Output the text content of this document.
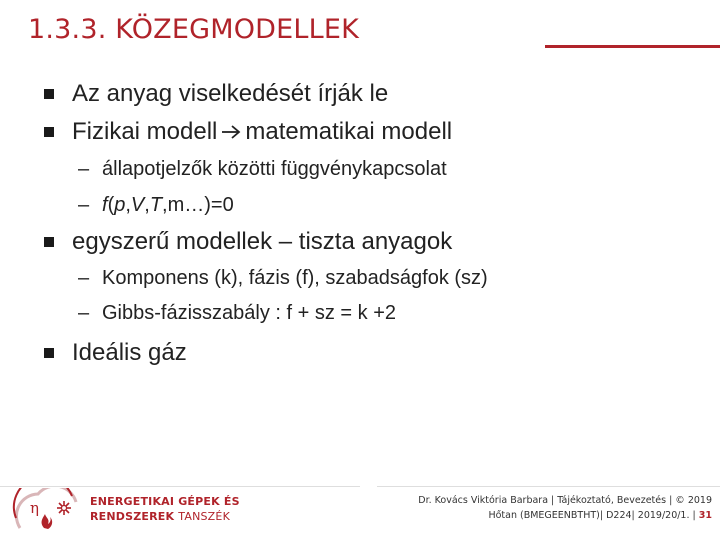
1.3.3. KÖZEGMODELLEK
Az anyag viselkedését írják le
Fizikai modell matematikai modell
– állapotjelzők közötti függvénykapcsolat
– f ( p , V , T ,m…)=0
egyszerű modellek – tiszta anyagok
– Komponens (k), fázis (f), szabadságfok (sz)
– Gibbs-fázisszabály : f + sz = k +2
Ideális gáz
η	ENERGETIKAI GÉPEK ÉS
RENDSZEREK TANSZÉK
Dr. Kovács Viktória Barbara | Tájékoztató, Bevezetés | © 2019
Hőtan (BMEGEENBTHT)| D224| 2019/20/1. | 31
